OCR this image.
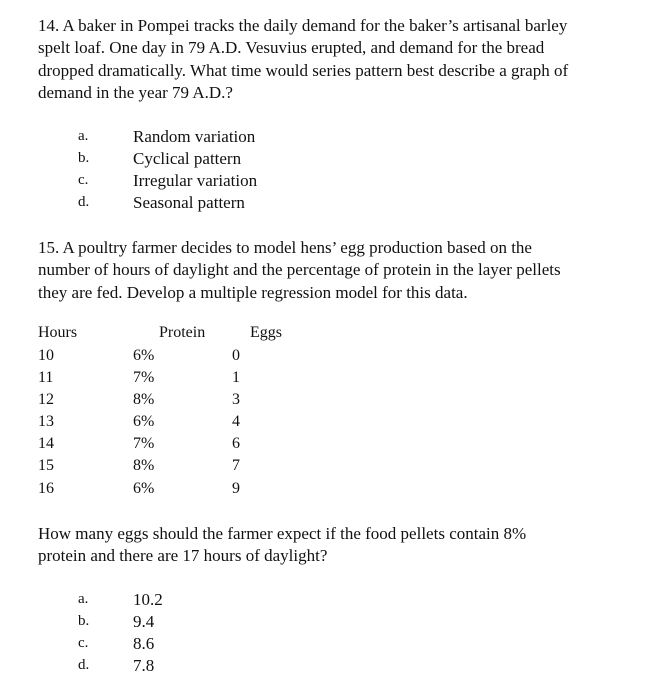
14. A baker in Pompei tracks the daily demand for the baker’s artisanal barley
spelt loaf. One day in 79 A.D. Vesuvius erupted, and demand for the bread
dropped dramatically. What time would series pattern best describe a graph of
demand in the year 79 A.D.?
a.	Random variation
b.	Cyclical pattern
c.	Irregular variation
d.	Seasonal pattern
15. A poultry farmer decides to model hens’ egg production based on the
number of hours of daylight and the percentage of protein in the layer pellets
they are fed. Develop a multiple regression model for this data.
Hours	Protein	Eggs
10	6%	0
11	7%	1
12	8%	3
13	6%	4
14	7%	6
15	8%	7
16	6%	9
How many eggs should the farmer expect if the food pellets contain 8%
protein and there are 17 hours of daylight?
a.	10.2
b.	9.4
c.	8.6
d.	7.8
